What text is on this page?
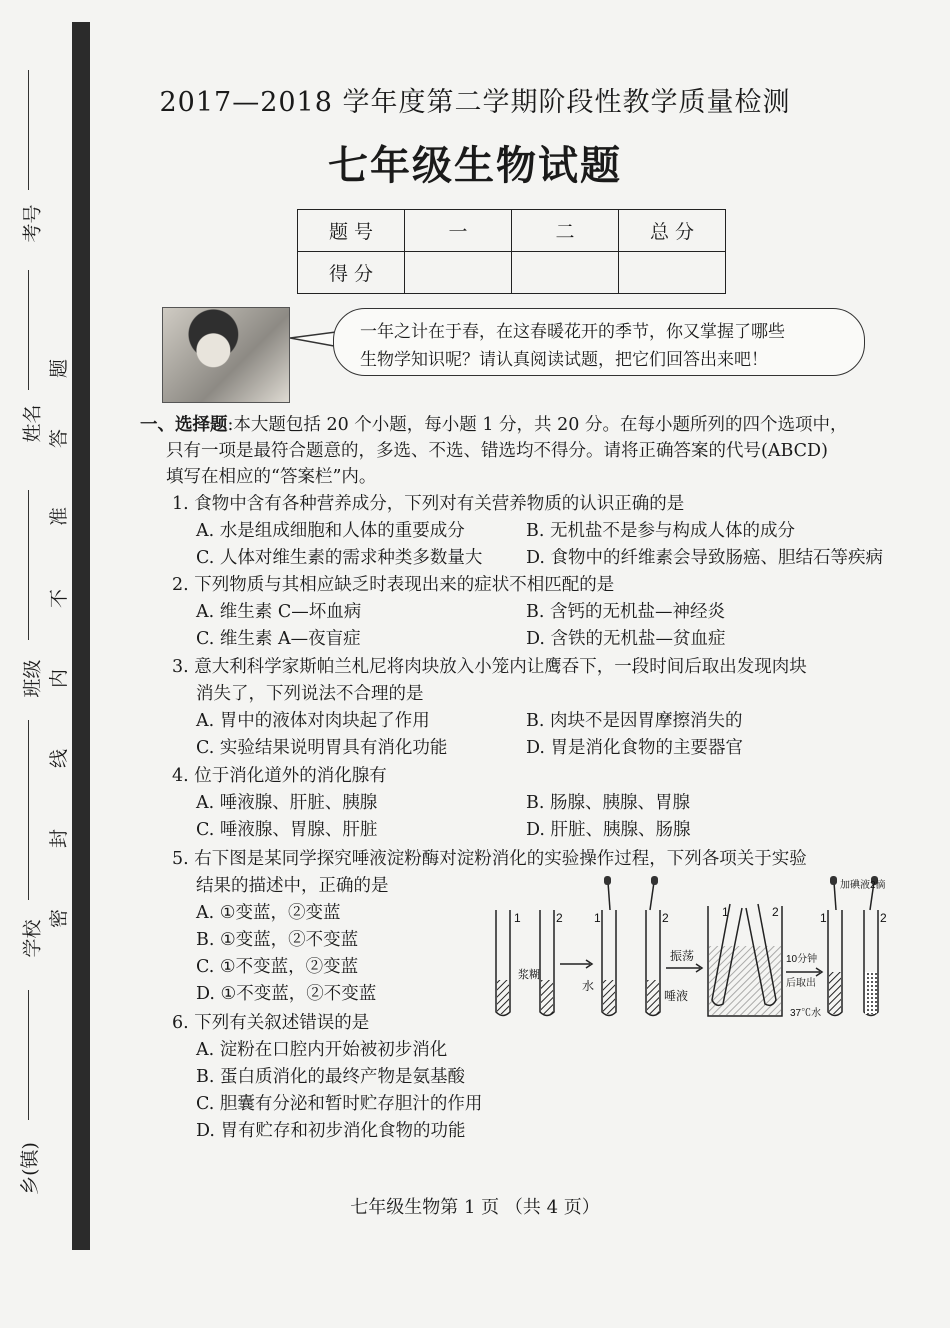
考号
姓名
班级
学校
乡(镇)
题
答
准
不
内
线
封
密
2017—2018 学年度第二学期阶段性教学质量检测
七年级生物试题
题 号	一	二	总 分
得 分			
一年之计在于春，在这春暖花开的季节，你又掌握了哪些
生物学知识呢？请认真阅读试题，把它们回答出来吧！
一、选择题:本大题包括 20 个小题，每小题 1 分，共 20 分。在每小题所列的四个选项中，
只有一项是最符合题意的，多选、不选、错选均不得分。请将正确答案的代号(ABCD)
填写在相应的“答案栏”内。
1. 食物中含有各种营养成分，下列对有关营养物质的认识正确的是
A. 水是组成细胞和人体的重要成分	B. 无机盐不是参与构成人体的成分
C. 人体对维生素的需求种类多数量大 D. 食物中的纤维素会导致肠癌、胆结石等疾病
2. 下列物质与其相应缺乏时表现出来的症状不相匹配的是
A. 维生素 C—坏血病	B. 含钙的无机盐—神经炎
C. 维生素 A—夜盲症	D. 含铁的无机盐—贫血症
3. 意大利科学家斯帕兰札尼将肉块放入小笼内让鹰吞下，一段时间后取出发现肉块
消失了，下列说法不合理的是
A. 胃中的液体对肉块起了作用	B. 肉块不是因胃摩擦消失的
C. 实验结果说明胃具有消化功能	D. 胃是消化食物的主要器官
4. 位于消化道外的消化腺有
A. 唾液腺、肝脏、胰腺	B. 肠腺、胰腺、胃腺
C. 唾液腺、胃腺、肝脏	D. 肝脏、胰腺、肠腺
5. 右下图是某同学探究唾液淀粉酶对淀粉消化的实验操作过程，下列各项关于实验
结果的描述中，正确的是
A. ①变蓝，②变蓝
B. ①变蓝，②不变蓝
C. ①不变蓝，②变蓝
D. ①不变蓝，②不变蓝
1	2	1	2	1	2	1	2
浆糊
水
唾液
振荡	10分钟
后取出
37℃水
加碘液2滴
6. 下列有关叙述错误的是
A. 淀粉在口腔内开始被初步消化
B. 蛋白质消化的最终产物是氨基酸
C. 胆囊有分泌和暂时贮存胆汁的作用
D. 胃有贮存和初步消化食物的功能
七年级生物第 1 页 （共 4 页）
